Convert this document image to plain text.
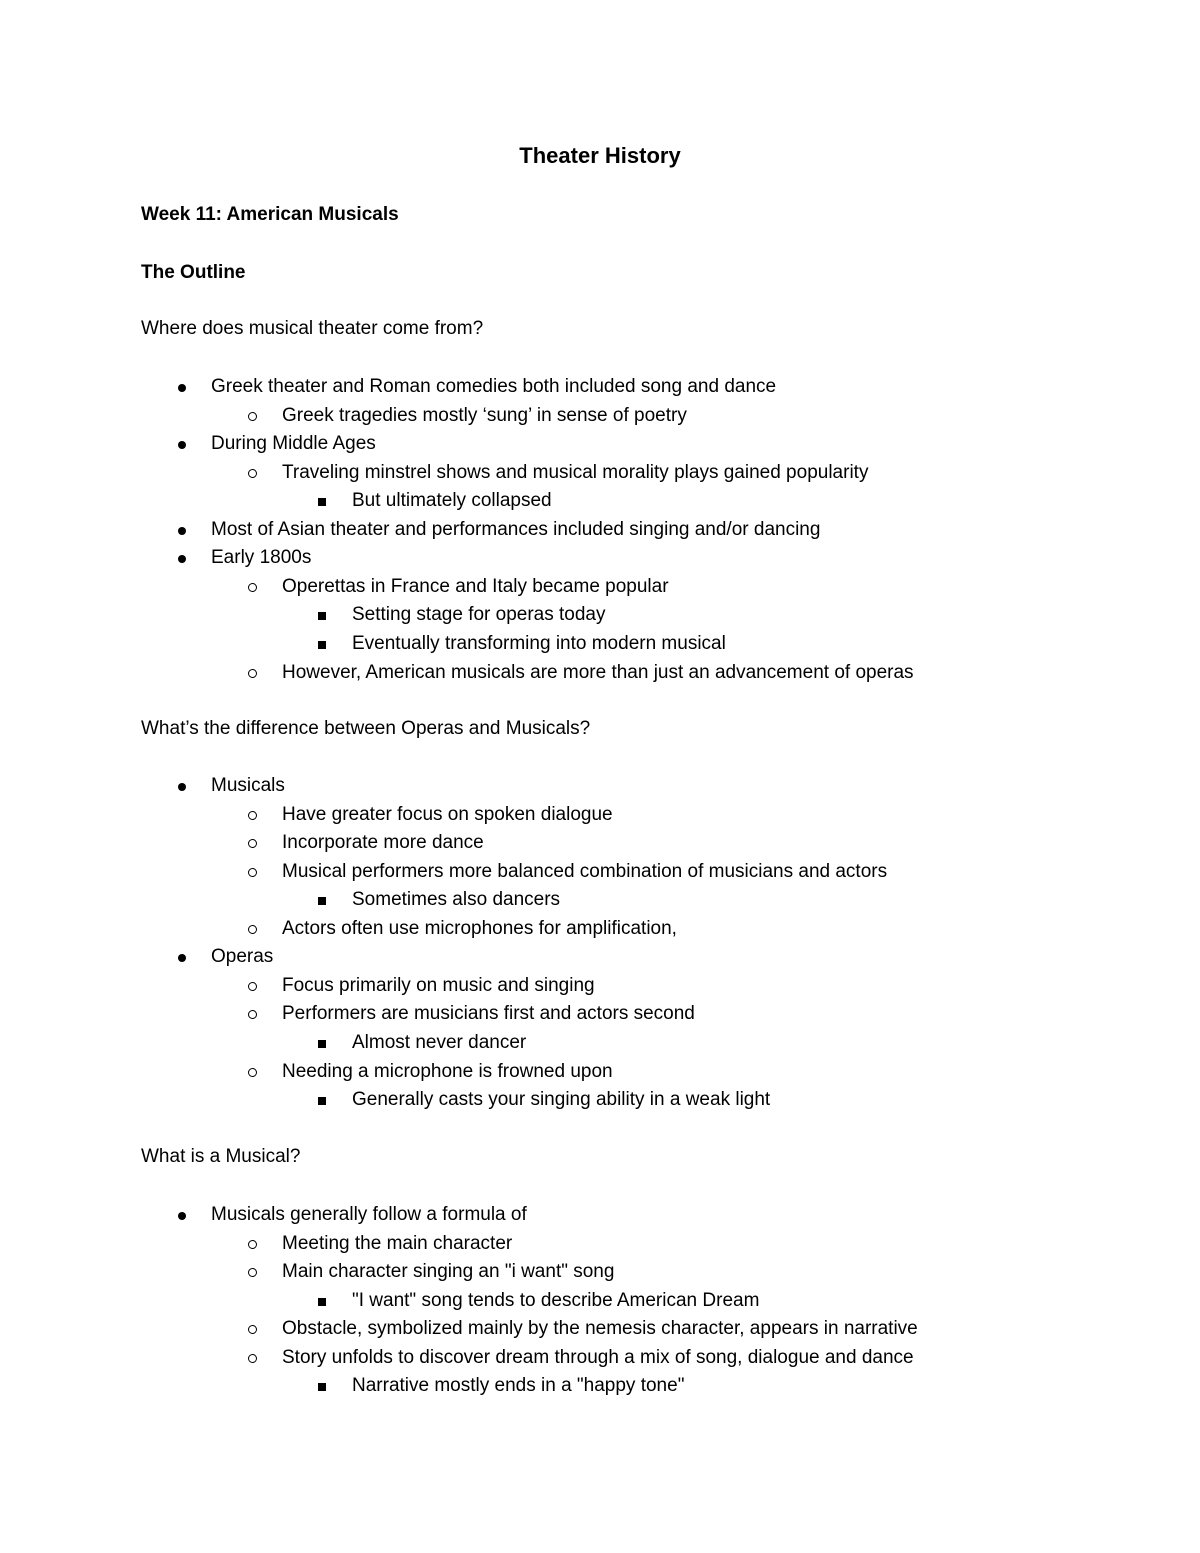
Theater History
Week 11: American Musicals
The Outline
Where does musical theater come from?
Greek theater and Roman comedies both included song and dance
Greek tragedies mostly ‘sung’ in sense of poetry
During Middle Ages
Traveling minstrel shows and musical morality plays gained popularity
But ultimately collapsed
Most of Asian theater and performances included singing and/or dancing
Early 1800s
Operettas in France and Italy became popular
Setting stage for operas today
Eventually transforming into modern musical
However, American musicals are more than just an advancement of operas
What’s the difference between Operas and Musicals?
Musicals
Have greater focus on spoken dialogue
Incorporate more dance
Musical performers more balanced combination of musicians and actors
Sometimes also dancers
Actors often use microphones for amplification,
Operas
Focus primarily on music and singing
Performers are musicians first and actors second
Almost never dancer
Needing a microphone is frowned upon
Generally casts your singing ability in a weak light
What is a Musical?
Musicals generally follow a formula of
Meeting the main character
Main character singing an "i want" song
"I want" song tends to describe American Dream
Obstacle, symbolized mainly by the nemesis character, appears in narrative
Story unfolds to discover dream through a mix of song, dialogue and dance
Narrative mostly ends in a "happy tone"
